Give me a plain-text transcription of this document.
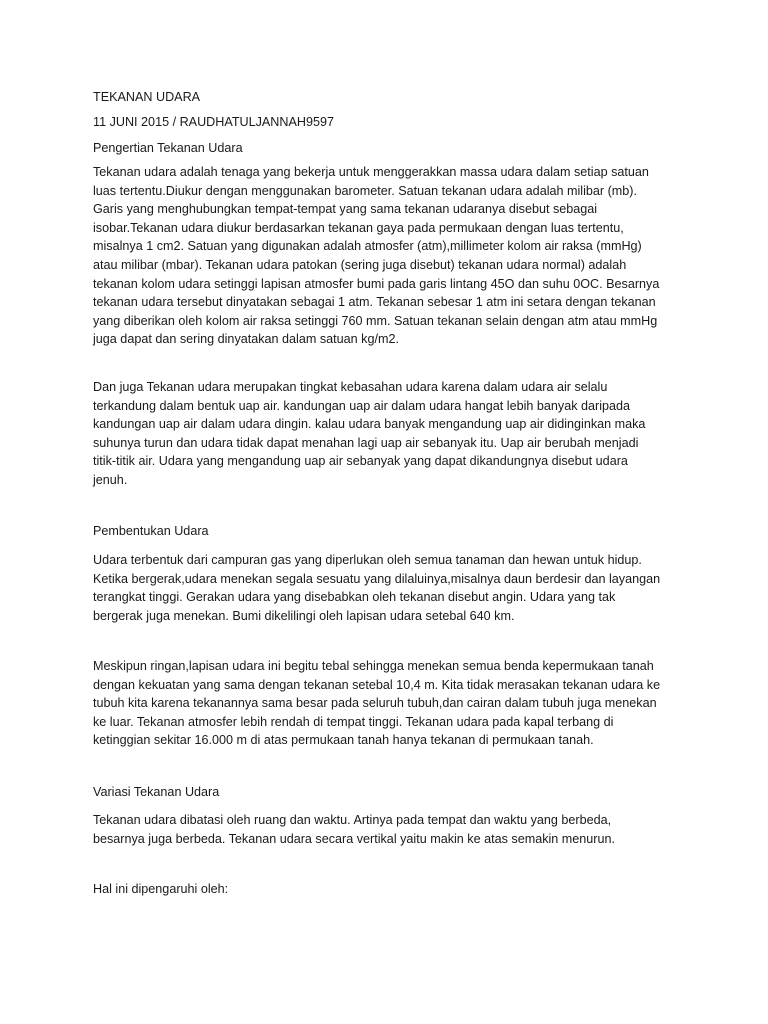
TEKANAN UDARA
11 JUNI 2015 / RAUDHATULJANNAH9597
Pengertian Tekanan Udara
Tekanan udara adalah tenaga yang bekerja untuk menggerakkan massa udara dalam setiap satuan
luas tertentu.Diukur dengan menggunakan barometer. Satuan tekanan udara adalah milibar (mb).
Garis yang menghubungkan tempat-tempat yang sama tekanan udaranya disebut sebagai
isobar.Tekanan udara diukur berdasarkan tekanan gaya pada permukaan dengan luas tertentu,
misalnya 1 cm2. Satuan yang digunakan adalah atmosfer (atm),millimeter kolom air raksa (mmHg)
atau milibar (mbar). Tekanan udara patokan (sering juga disebut) tekanan udara normal) adalah
tekanan kolom udara setinggi lapisan atmosfer bumi pada garis lintang 45O dan suhu 0OC. Besarnya
tekanan udara tersebut dinyatakan sebagai 1 atm. Tekanan sebesar 1 atm ini setara dengan tekanan
yang diberikan oleh kolom air raksa setinggi 760 mm. Satuan tekanan selain dengan atm atau mmHg
juga dapat dan sering dinyatakan dalam satuan kg/m2.
Dan juga Tekanan udara merupakan tingkat kebasahan udara karena dalam udara air selalu
terkandung dalam bentuk uap air. kandungan uap air dalam udara hangat lebih banyak daripada
kandungan uap air dalam udara dingin. kalau udara banyak mengandung uap air didinginkan maka
suhunya turun dan udara tidak dapat menahan lagi uap air sebanyak itu. Uap air berubah menjadi
titik-titik air. Udara yang mengandung uap air sebanyak yang dapat dikandungnya disebut udara
jenuh.
Pembentukan Udara
Udara terbentuk dari campuran gas yang diperlukan oleh semua tanaman dan hewan untuk hidup.
Ketika bergerak,udara menekan segala sesuatu yang dilaluinya,misalnya daun berdesir dan layangan
terangkat tinggi. Gerakan udara yang disebabkan oleh tekanan disebut angin. Udara yang tak
bergerak juga menekan. Bumi dikelilingi oleh lapisan udara setebal 640 km.
Meskipun ringan,lapisan udara ini begitu tebal sehingga menekan semua benda kepermukaan tanah
dengan kekuatan yang sama dengan tekanan setebal 10,4 m. Kita tidak merasakan tekanan udara ke
tubuh kita karena tekanannya sama besar pada seluruh tubuh,dan cairan dalam tubuh juga menekan
ke luar. Tekanan atmosfer lebih rendah di tempat tinggi. Tekanan udara pada kapal terbang di
ketinggian sekitar 16.000 m di atas permukaan tanah hanya tekanan di permukaan tanah.
Variasi Tekanan Udara
Tekanan udara dibatasi oleh ruang dan waktu. Artinya pada tempat dan waktu yang berbeda,
besarnya juga berbeda. Tekanan udara secara vertikal yaitu makin ke atas semakin menurun.
Hal ini dipengaruhi oleh:
